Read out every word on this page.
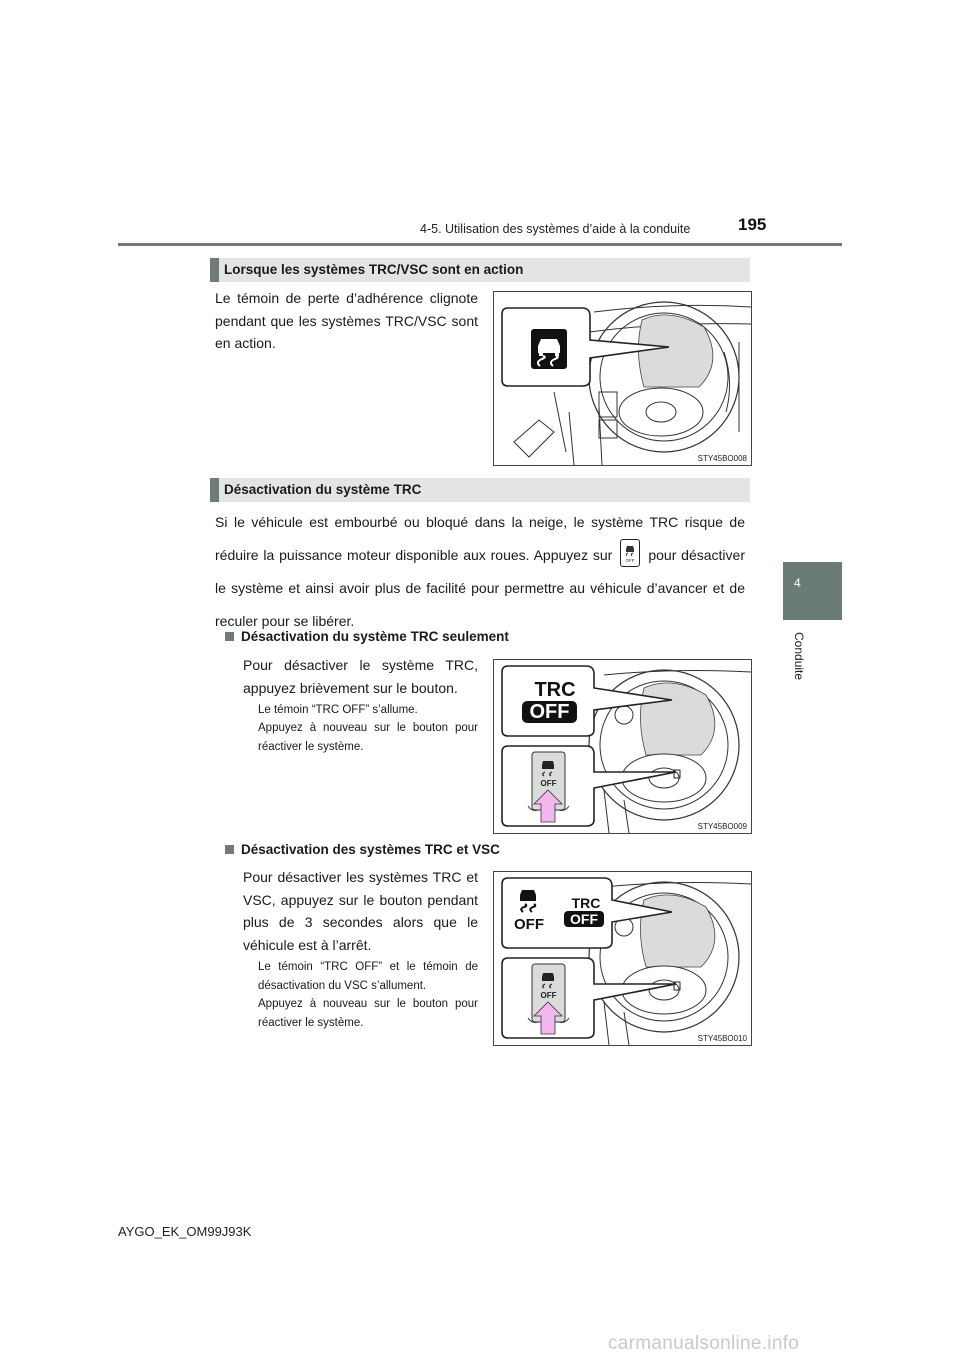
4-5. Utilisation des systèmes d’aide à la conduite	195
4
Conduite
Lorsque les systèmes TRC/VSC sont en action
Le témoin de perte d’adhérence clignote pendant que les systèmes TRC/VSC sont en action.
STY45BO008
Désactivation du système TRC
Si le véhicule est embourbé ou bloqué dans la neige, le système TRC risque de réduire la puissance moteur disponible aux roues. Appuyez sur	OFF pour désactiver le système et ainsi avoir plus de facilité pour permettre au véhicule d’avancer et de reculer pour se libérer.
Désactivation du système TRC seulement
Pour désactiver le système TRC, appuyez brièvement sur le bouton.
Le témoin “TRC OFF” s’allume.
Appuyez à nouveau sur le bouton pour réactiver le système.
TRC
OFF
OFF
STY45BO009
Désactivation des systèmes TRC et VSC
Pour désactiver les systèmes TRC et VSC, appuyez sur le bouton pendant plus de 3 secondes alors que le véhicule est à l’arrêt.
Le témoin “TRC OFF” et le témoin de désactivation du VSC s’allument.
Appuyez à nouveau sur le bouton pour réactiver le système.
OFF
TRC
OFF
OFF
STY45BO010
AYGO_EK_OM99J93K
carmanualsonline.info
